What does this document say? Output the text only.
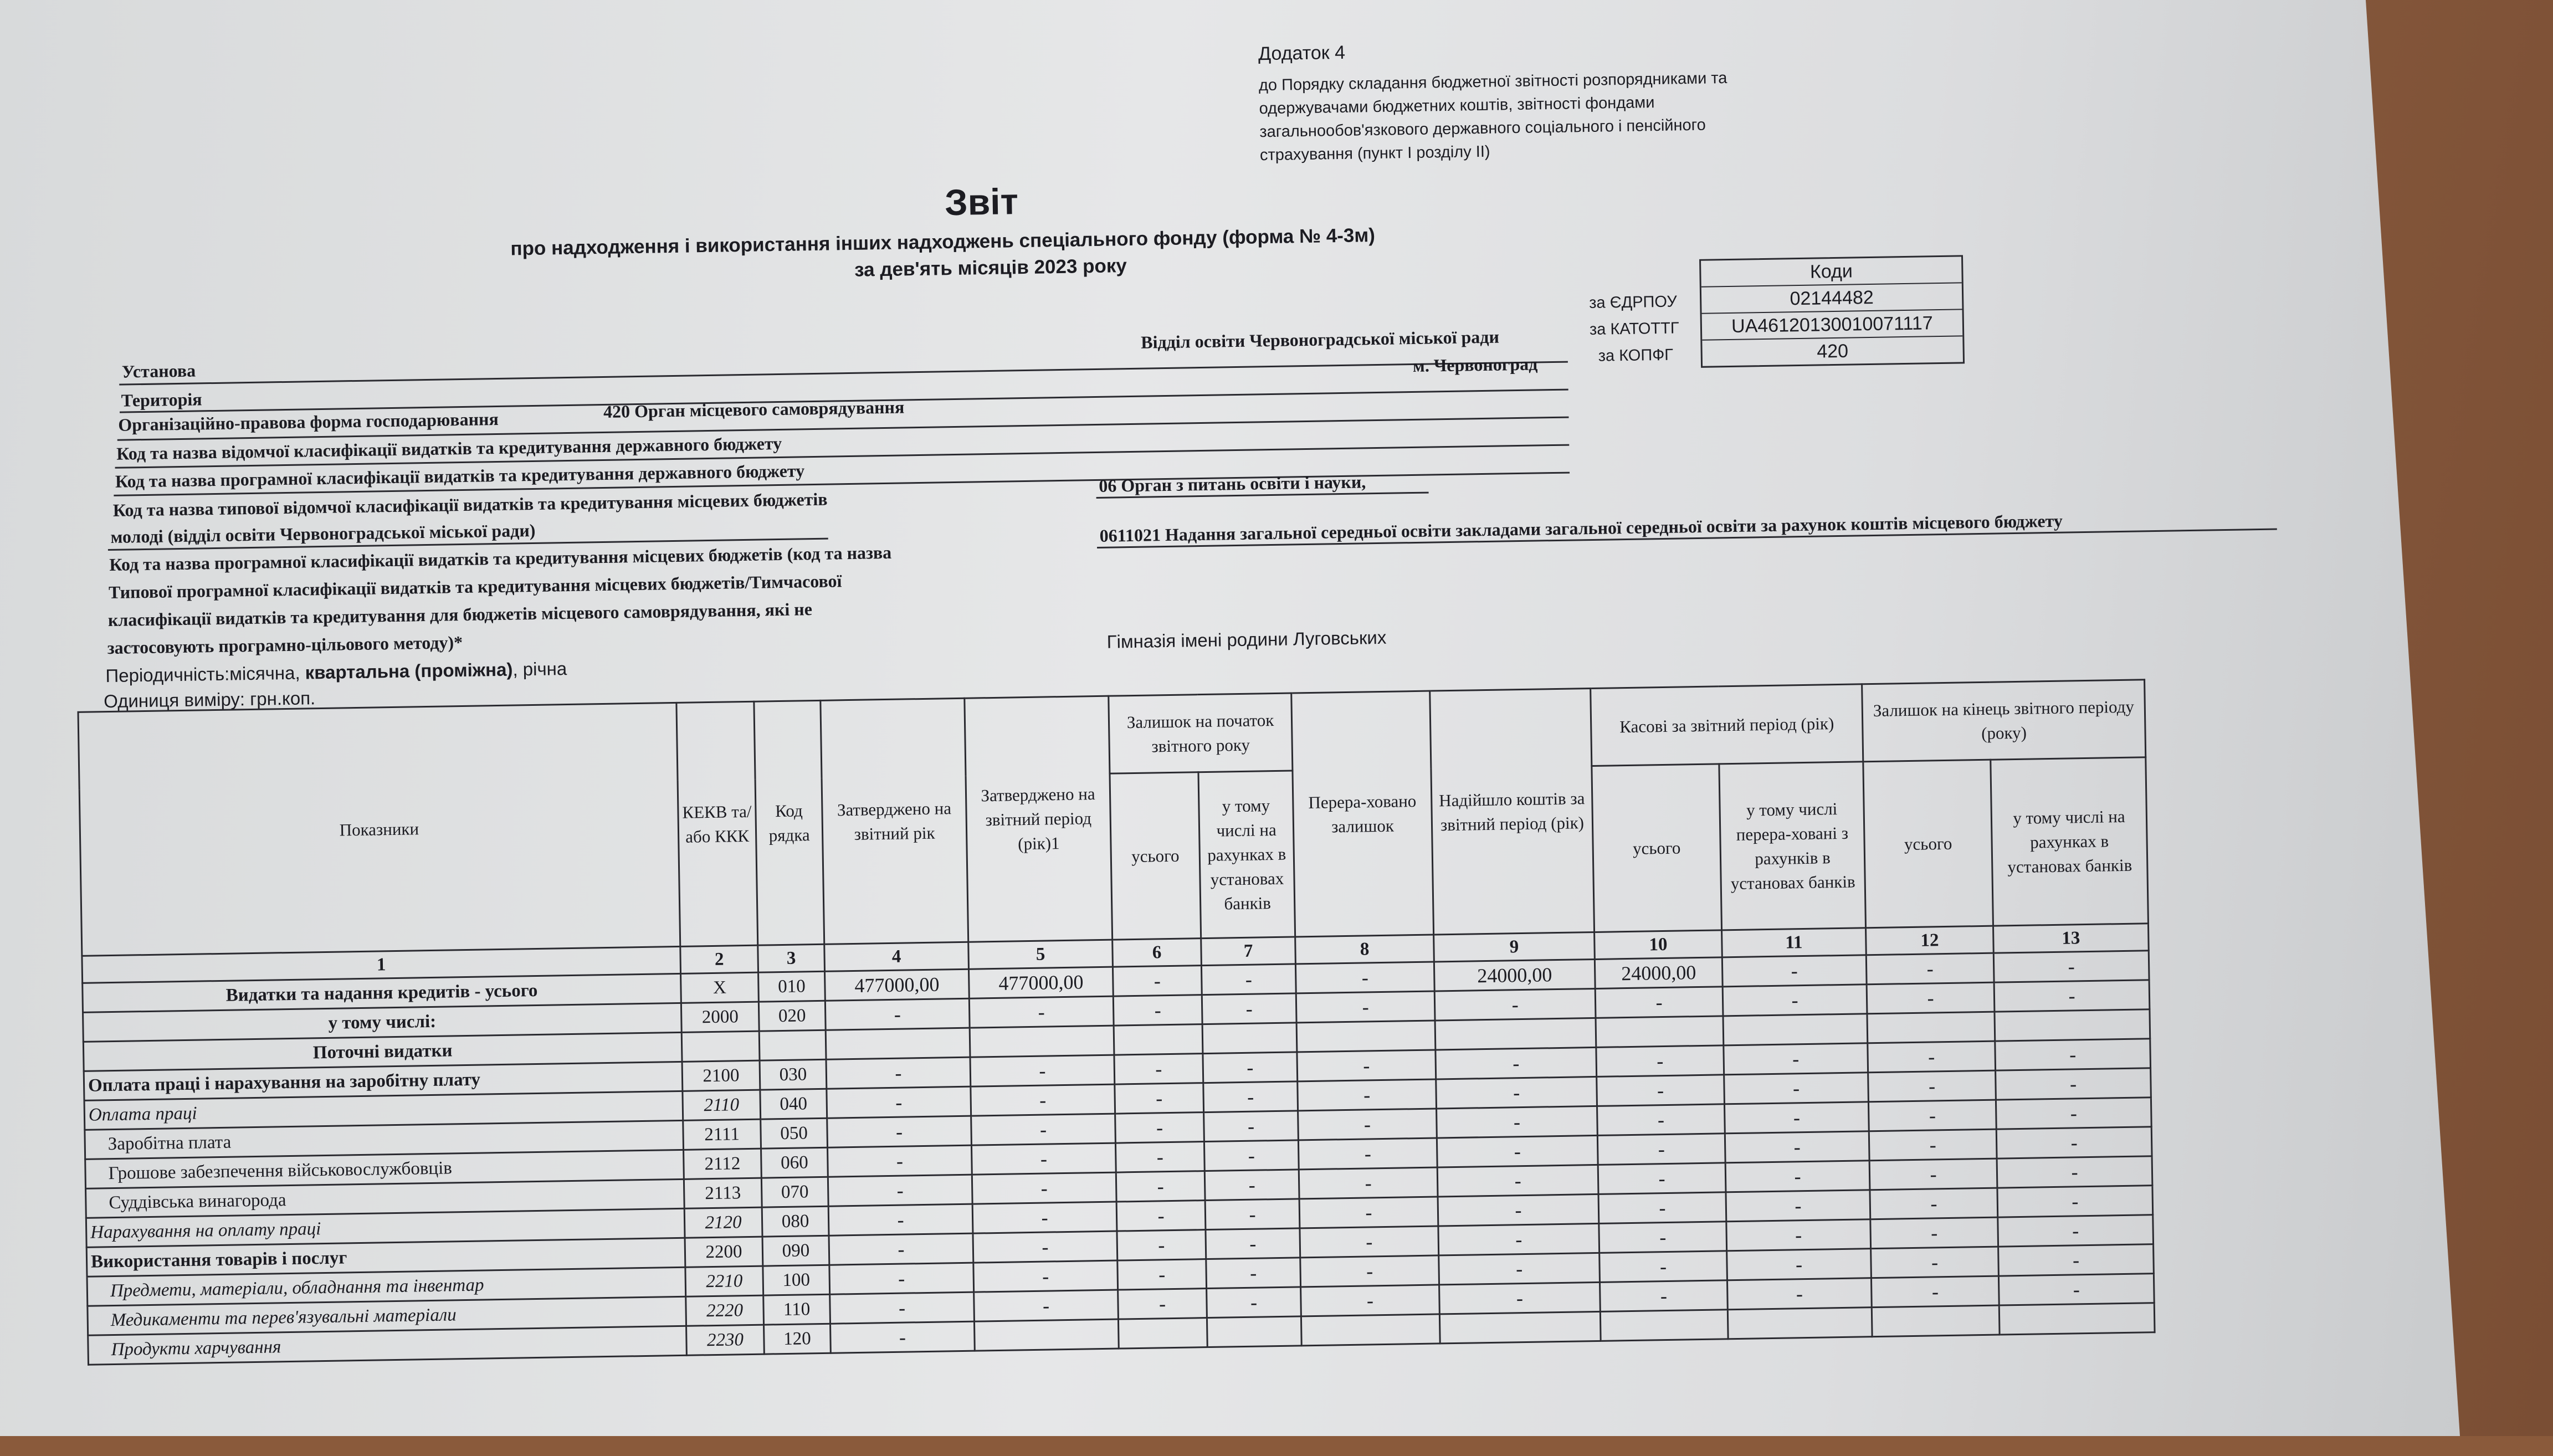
Додаток 4
до Порядку складання бюджетної звітності розпорядниками та
одержувачами бюджетних коштів, звітності фондами
загальнообов'язкового державного соціального і пенсійного
страхування (пункт І розділу ІІ)
Звіт
про надходження і використання інших надходжень спеціального фонду (форма № 4-3м)
за дев'ять місяців 2023 року	Коди
02144482
UA46120130010071117
420
за ЄДРПОУ
за КАТОТТГ
за КОПФГ
Установа
Відділ освіти Червоноградської міської ради
Територія
м. Червоноград
Організаційно-правова форма господарювання	420 Орган місцевого самоврядування
Код та назва відомчої класифікації видатків та кредитування державного бюджету
Код та назва програмної класифікації видатків та кредитування державного бюджету
Код та назва типової відомчої класифікації видатків та кредитування місцевих бюджетів
06 Орган з питань освіти і науки,
молоді (відділ освіти Червоноградської міської ради)
Код та назва програмної класифікації видатків та кредитування місцевих бюджетів (код та назва
Типової програмної класифікації видатків та кредитування місцевих бюджетів/Тимчасової
класифікації видатків та кредитування для бюджетів місцевого самоврядування, які не
застосовують програмно-цільового методу)*
0611021 Надання загальної середньої освіти закладами загальної середньої освіти за рахунок коштів місцевого бюджету
Періодичність:місячна, квартальна (проміжна), річна
Гімназія імені родини Луговських
Одиниця виміру: грн.коп.
Показники	КЕКВ та/або ККК	Код рядка	Затверджено на звітний рік	Затверджено на звітний період (рік)1	Залишок на початок звітного року		Перера-ховано залишок	Надійшло коштів за звітний період (рік)	Касові за звітний період (рік)		Залишок на кінець звітного періоду (року)	
					усього	у тому числі на рахунках в установах банків			усього	у тому числі перера-ховані з рахунків в установах банків	усього	у тому числі на рахунках в установах банків
1	2	3	4	5	6	7	8	9	10	11	12	13
Видатки та надання кредитів - усього	X	010	477000,00	477000,00	-	-	-	24000,00	24000,00	-	-	-
у тому числі:	2000	020	-	-	-	-	-	-	-	-	-	-
Поточні видатки												
Оплата праці і нарахування на заробітну плату	2100	030	-	-	-	-	-	-	-	-	-	-
Оплата праці	2110	040	-	-	-	-	-	-	-	-	-	-
Заробітна плата	2111	050	-	-	-	-	-	-	-	-	-	-
Грошове забезпечення військовослужбовців	2112	060	-	-	-	-	-	-	-	-	-	-
Суддівська винагорода	2113	070	-	-	-	-	-	-	-	-	-	-
Нарахування на оплату праці	2120	080	-	-	-	-	-	-	-	-	-	-
Використання товарів і послуг	2200	090	-	-	-	-	-	-	-	-	-	-
Предмети, матеріали, обладнання та інвентар	2210	100	-	-	-	-	-	-	-	-	-	-
Медикаменти та перев'язувальні матеріали	2220	110	-	-	-	-	-	-	-	-	-	-
Продукти харчування	2230	120	-									
